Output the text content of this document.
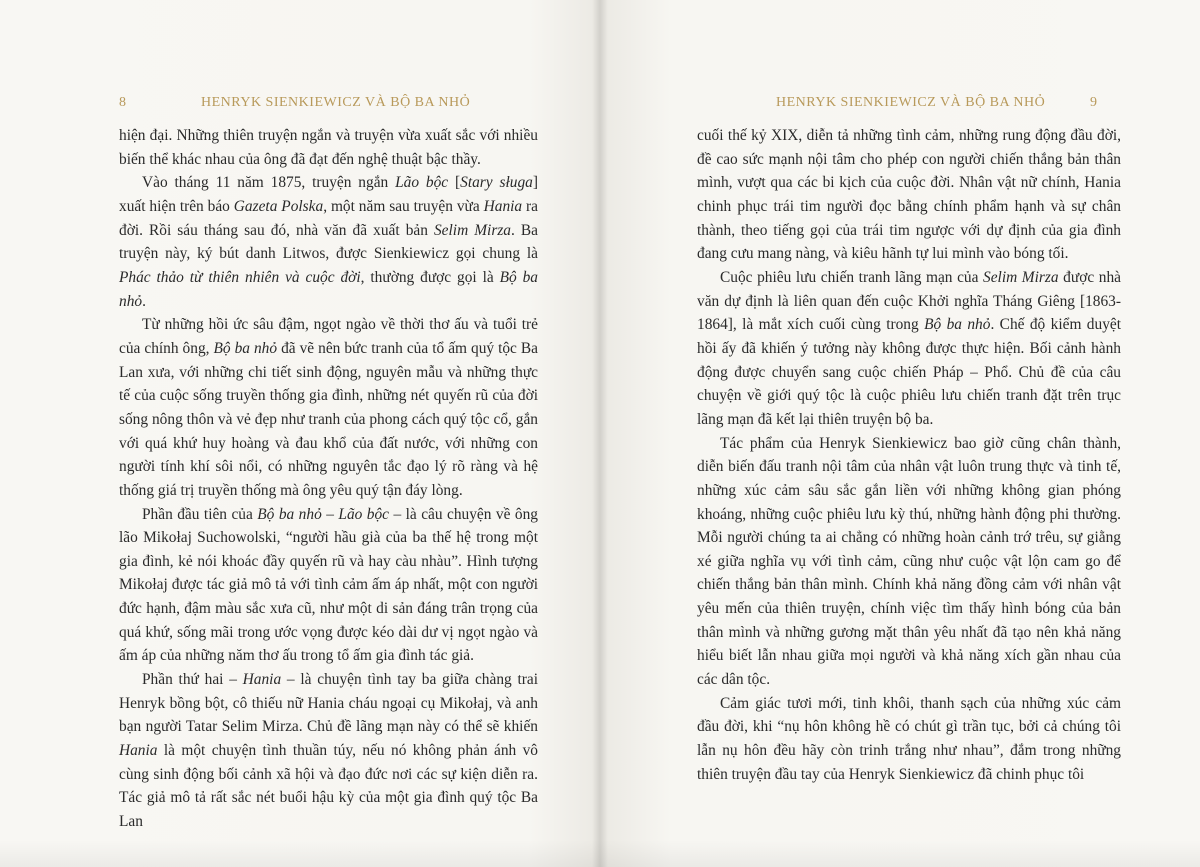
8	HENRYK SIENKIEWICZ VÀ BỘ BA NHỎ

hiện đại. Những thiên truyện ngắn và truyện vừa xuất sắc với nhiều biến thể khác nhau của ông đã đạt đến nghệ thuật bậc thầy.

Vào tháng 11 năm 1875, truyện ngắn Lão bộc [Stary sługa] xuất hiện trên báo Gazeta Polska, một năm sau truyện vừa Hania ra đời. Rồi sáu tháng sau đó, nhà văn đã xuất bản Selim Mirza. Ba truyện này, ký bút danh Litwos, được Sienkiewicz gọi chung là Phác thảo từ thiên nhiên và cuộc đời, thường được gọi là Bộ ba nhỏ.

Từ những hồi ức sâu đậm, ngọt ngào về thời thơ ấu và tuổi trẻ của chính ông, Bộ ba nhỏ đã vẽ nên bức tranh của tổ ấm quý tộc Ba Lan xưa, với những chi tiết sinh động, nguyên mẫu và những thực tế của cuộc sống truyền thống gia đình, những nét quyến rũ của đời sống nông thôn và vẻ đẹp như tranh của phong cách quý tộc cổ, gắn với quá khứ huy hoàng và đau khổ của đất nước, với những con người tính khí sôi nổi, có những nguyên tắc đạo lý rõ ràng và hệ thống giá trị truyền thống mà ông yêu quý tận đáy lòng.

Phần đầu tiên của Bộ ba nhỏ – Lão bộc – là câu chuyện về ông lão Mikołaj Suchowolski, “người hầu già của ba thế hệ trong một gia đình, kẻ nói khoác đầy quyến rũ và hay càu nhàu”. Hình tượng Mikołaj được tác giả mô tả với tình cảm ấm áp nhất, một con người đức hạnh, đậm màu sắc xưa cũ, như một di sản đáng trân trọng của quá khứ, sống mãi trong ước vọng được kéo dài dư vị ngọt ngào và ấm áp của những năm thơ ấu trong tổ ấm gia đình tác giả.

Phần thứ hai – Hania – là chuyện tình tay ba giữa chàng trai Henryk bồng bột, cô thiếu nữ Hania cháu ngoại cụ Mikołaj, và anh bạn người Tatar Selim Mirza. Chủ đề lãng mạn này có thể sẽ khiến Hania là một chuyện tình thuần túy, nếu nó không phản ánh vô cùng sinh động bối cảnh xã hội và đạo đức nơi các sự kiện diễn ra. Tác giả mô tả rất sắc nét buổi hậu kỳ của một gia đình quý tộc Ba Lan

HENRYK SIENKIEWICZ VÀ BỘ BA NHỎ	9

cuối thế kỷ XIX, diễn tả những tình cảm, những rung động đầu đời, đề cao sức mạnh nội tâm cho phép con người chiến thắng bản thân mình, vượt qua các bi kịch của cuộc đời. Nhân vật nữ chính, Hania chinh phục trái tim người đọc bằng chính phẩm hạnh và sự chân thành, theo tiếng gọi của trái tim ngược với dự định của gia đình đang cưu mang nàng, và kiêu hãnh tự lui mình vào bóng tối.

Cuộc phiêu lưu chiến tranh lãng mạn của Selim Mirza được nhà văn dự định là liên quan đến cuộc Khởi nghĩa Tháng Giêng [1863-1864], là mắt xích cuối cùng trong Bộ ba nhỏ. Chế độ kiểm duyệt hồi ấy đã khiến ý tưởng này không được thực hiện. Bối cảnh hành động được chuyển sang cuộc chiến Pháp – Phổ. Chủ đề của câu chuyện về giới quý tộc là cuộc phiêu lưu chiến tranh đặt trên trục lãng mạn đã kết lại thiên truyện bộ ba.

Tác phẩm của Henryk Sienkiewicz bao giờ cũng chân thành, diễn biến đấu tranh nội tâm của nhân vật luôn trung thực và tinh tế, những xúc cảm sâu sắc gắn liền với những không gian phóng khoáng, những cuộc phiêu lưu kỳ thú, những hành động phi thường. Mỗi người chúng ta ai chẳng có những hoàn cảnh trớ trêu, sự giằng xé giữa nghĩa vụ với tình cảm, cũng như cuộc vật lộn cam go để chiến thắng bản thân mình. Chính khả năng đồng cảm với nhân vật yêu mến của thiên truyện, chính việc tìm thấy hình bóng của bản thân mình và những gương mặt thân yêu nhất đã tạo nên khả năng hiểu biết lẫn nhau giữa mọi người và khả năng xích gần nhau của các dân tộc.

Cảm giác tươi mới, tinh khôi, thanh sạch của những xúc cảm đầu đời, khi “nụ hôn không hề có chút gì trần tục, bởi cả chúng tôi lẫn nụ hôn đều hãy còn trinh trắng như nhau”, đắm trong những thiên truyện đầu tay của Henryk Sienkiewicz đã chinh phục tôi
